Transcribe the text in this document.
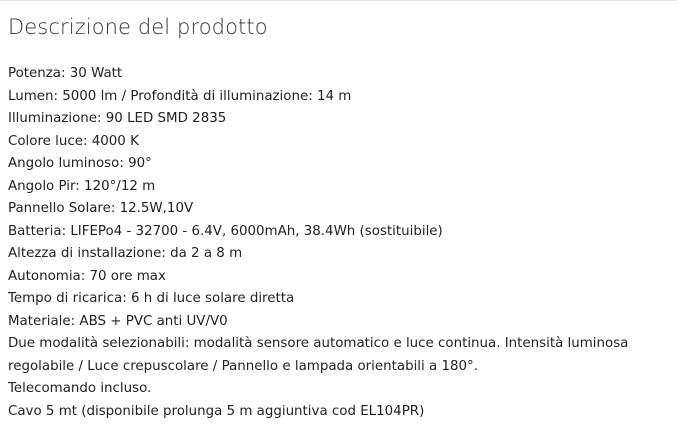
Descrizione del prodotto
Potenza: 30 Watt
Lumen: 5000 lm / Profondità di illuminazione: 14 m
Illuminazione: 90 LED SMD 2835
Colore luce: 4000 K
Angolo luminoso: 90°
Angolo Pir: 120°/12 m
Pannello Solare: 12.5W,10V
Batteria: LIFEPo4 - 32700 - 6.4V, 6000mAh, 38.4Wh (sostituibile)
Altezza di installazione: da 2 a 8 m
Autonomia: 70 ore max
Tempo di ricarica: 6 h di luce solare diretta
Materiale: ABS + PVC anti UV/V0
Due modalità selezionabili: modalità sensore automatico e luce continua. Intensità luminosa regolabile / Luce crepuscolare / Pannello e lampada orientabili a 180°.
Telecomando incluso.
Cavo 5 mt (disponibile prolunga 5 m aggiuntiva cod EL104PR)
